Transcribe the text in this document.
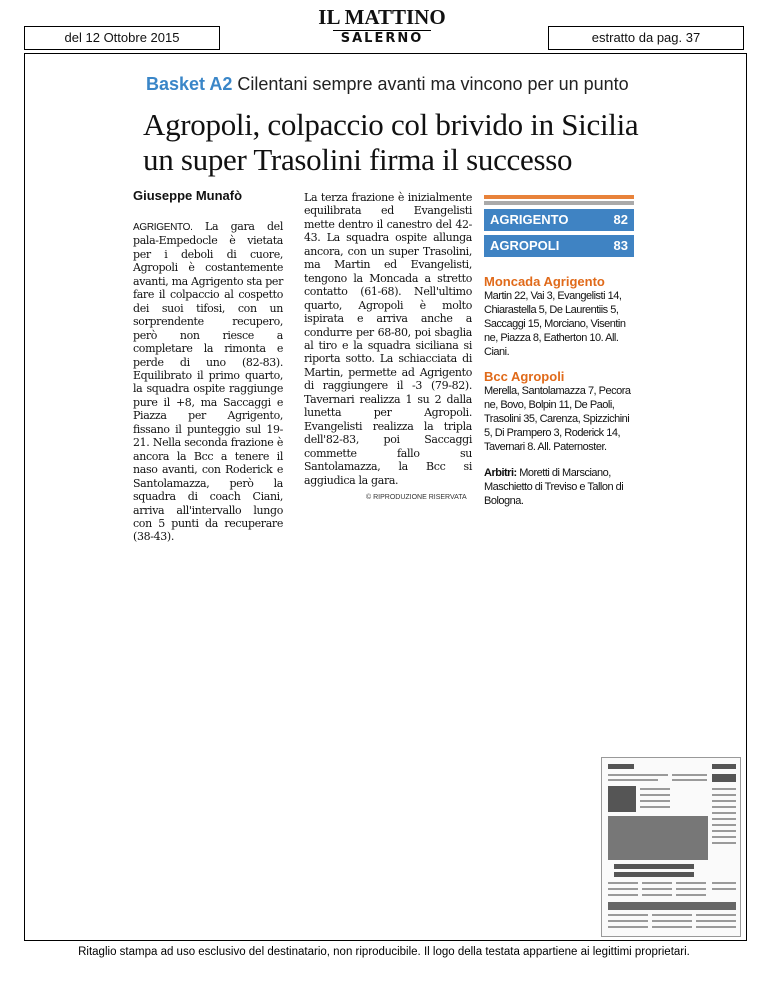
del 12 Ottobre 2015
IL MATTINO
SALERNO	estratto da pag. 37
Basket A2 Cilentani sempre avanti ma vincono per un punto
Agropoli, colpaccio col brivido in Sicilia
un super Trasolini firma il successo
Giuseppe Munafò
AGRIGENTO. La gara del pala-Empedocle è vietata per i deboli di cuore, Agropoli è costantemente avanti, ma Agrigento sta per fare il colpaccio al cospetto dei suoi tifosi, con un sorprendente recupero, però non riesce a completare la rimonta e perde di uno (82-83). Equilibrato il primo quarto, la squadra ospite raggiunge pure il +8, ma Saccaggi e Piazza per Agrigento, fissano il punteggio sul 19-21. Nella seconda frazione è ancora la Bcc a tenere il naso avanti, con Roderick e Santolamazza, però la squadra di coach Ciani, arriva all'intervallo lungo con 5 punti da recuperare (38-43).
La terza frazione è inizialmente equilibrata ed Evangelisti mette dentro il canestro del 42-43. La squadra ospite allunga ancora, con un super Trasolini, ma Martin ed Evangelisti, tengono la Moncada a stretto contatto (61-68). Nell'ultimo quarto, Agropoli è molto ispirata e arriva anche a condurre per 68-80, poi sbaglia al tiro e la squadra siciliana si riporta sotto. La schiacciata di Martin, permette ad Agrigento di raggiungere il -3 (79-82). Tavernari realizza 1 su 2 dalla lunetta per Agropoli. Evangelisti realizza la tripla dell'82-83, poi Saccaggi commette fallo su Santolamazza, la Bcc si aggiudica la gara.
© RIPRODUZIONE RISERVATA
AGRIGENTO	82
AGROPOLI	83
Moncada Agrigento
Martin 22, Vai 3, Evangelisti 14, Chiarastella 5, De Laurentiis 5, Saccaggi 15, Morciano, Visentin ne, Piazza 8, Eatherton 10. All. Ciani.
Bcc Agropoli
Merella, Santolamazza 7, Pecora ne, Bovo, Bolpin 11, De Paoli, Trasolini 35, Carenza, Spizzichini 5, Di Prampero 3, Roderick 14, Tavernari 8. All. Paternoster.
Arbitri: Moretti di Marsciano, Maschietto di Treviso e Tallon di Bologna.
Ritaglio stampa ad uso esclusivo del destinatario, non riproducibile. Il logo della testata appartiene ai legittimi proprietari.
